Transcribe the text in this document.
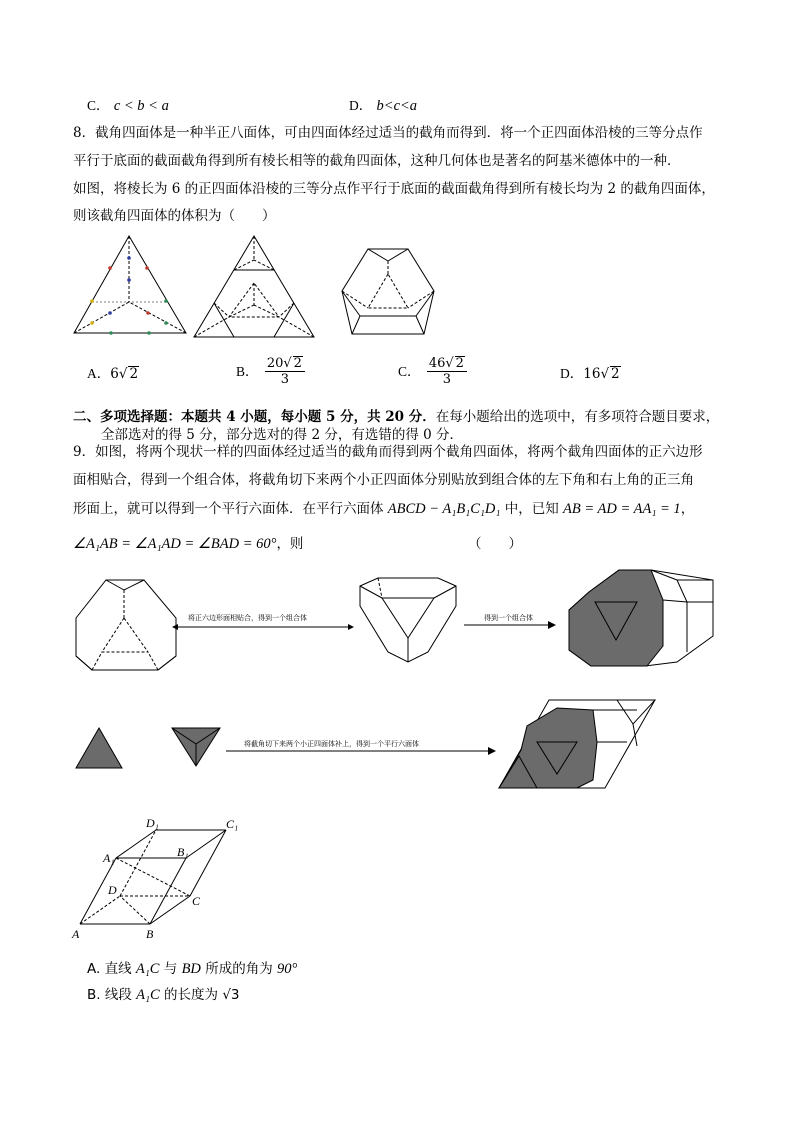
C． c < b < a	D． b<c<a
8．截角四面体是一种半正八面体，可由四面体经过适当的截角而得到．将一个正四面体沿棱的三等分点作
平行于底面的截面截角得到所有棱长相等的截角四面体，这种几何体也是著名的阿基米德体中的一种．
如图，将棱长为 6 的正四面体沿棱的三等分点作平行于底面的截面截角得到所有棱长均为 2 的截角四面体，
则该截角四面体的体积为（　　）
A．6√ 2	B． $\frac{20√ 2}{3}$	C． $\frac{46√ 2}{3}$	D．16√ 2
二、多项选择题：本题共 4 小题，每小题 5 分，共 20 分．在每小题给出的选项中，有多项符合题目要求，
全部选对的得 5 分，部分选对的得 2 分，有选错的得 0 分．
9．如图，将两个现状一样的四面体经过适当的截角而得到两个截角四面体，将两个截角四面体的正六边形
面相贴合，得到一个组合体，将截角切下来两个小正四面体分别贴放到组合体的左下角和右上角的正三角
形面上，就可以得到一个平行六面体．在平行六面体 ABCD − A₁B₁C₁D₁ 中，已知 AB = AD = AA₁ = 1，
∠A₁AB = ∠A₁AD = ∠BAD = 60°，则	（　　）
将正六边形面相贴合，得到一个组合体	得到一个组合体
将截角切下来两个小正四面体补上，得到一个平行六面体
D₁	C₁
A₁	B₁
D
C
A	B
A. 直线 A₁C 与 BD 所成的角为 90°
B. 线段 A₁C 的长度为 √3
